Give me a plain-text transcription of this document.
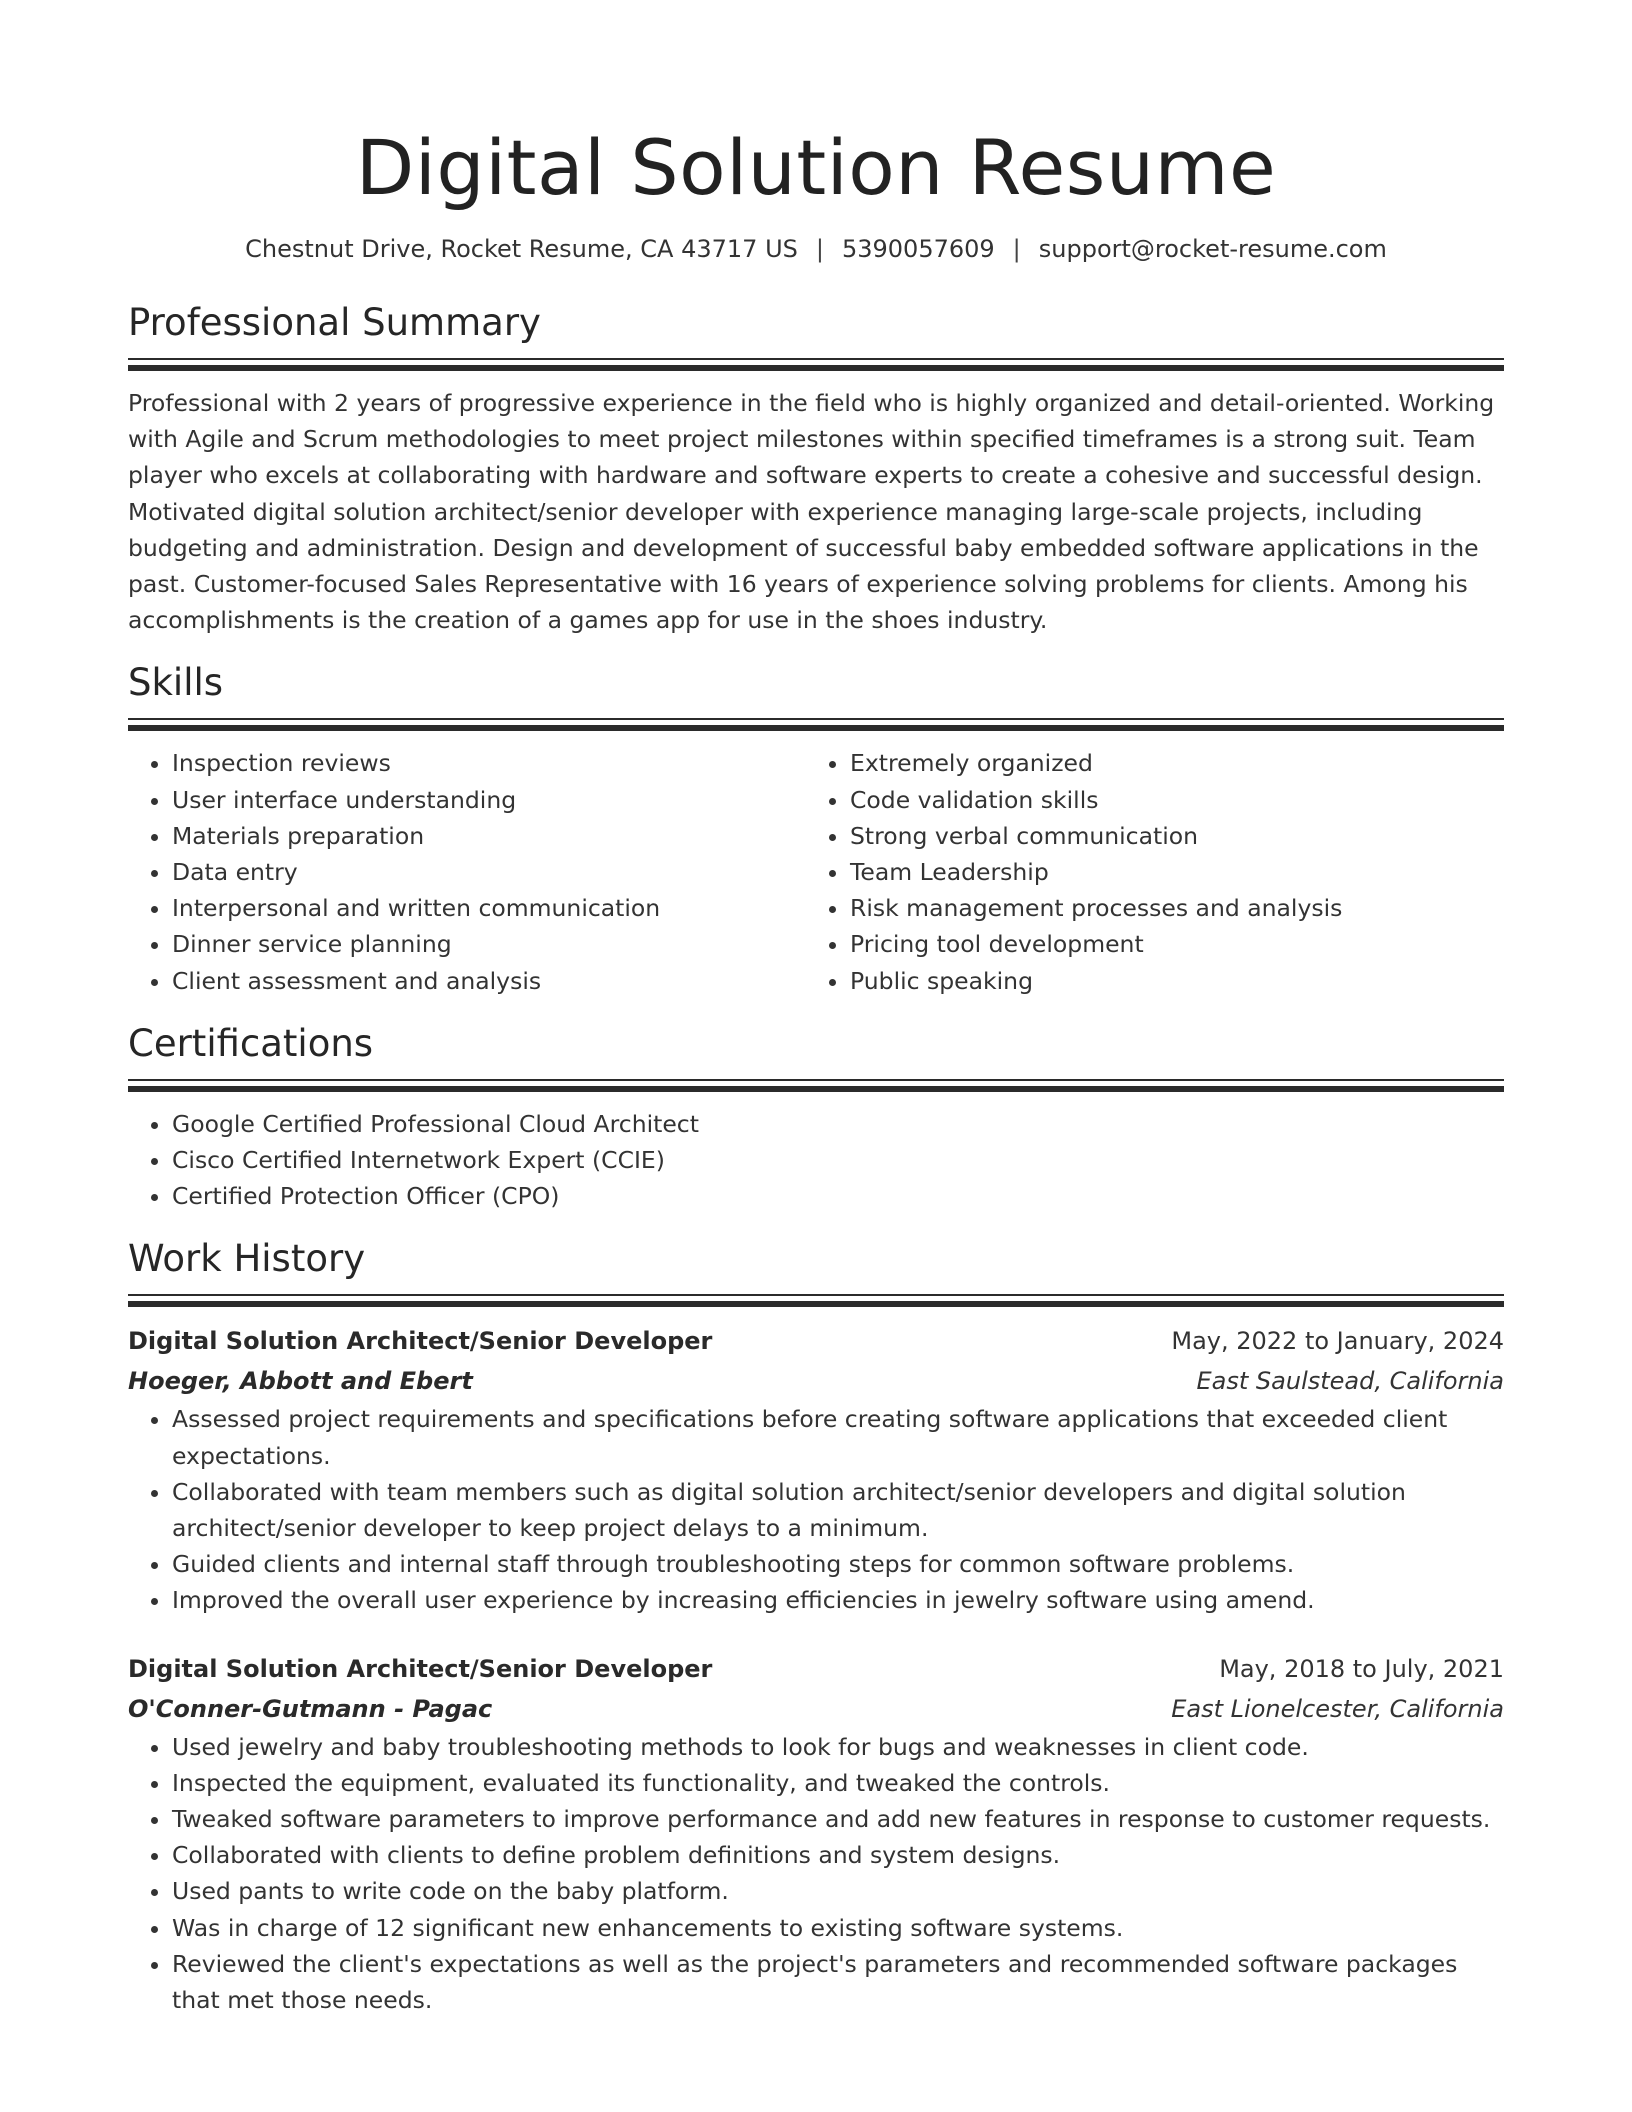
Digital Solution Resume
Chestnut Drive, Rocket Resume, CA 43717 US | 5390057609 | support@rocket-resume.com
Professional Summary

Professional with 2 years of progressive experience in the field who is highly organized and detail-oriented. Working with Agile and Scrum methodologies to meet project milestones within specified timeframes is a strong suit. Team player who excels at collaborating with hardware and software experts to create a cohesive and successful design. Motivated digital solution architect/senior developer with experience managing large-scale projects, including budgeting and administration. Design and development of successful baby embedded software applications in the past. Customer-focused Sales Representative with 16 years of experience solving problems for clients. Among his accomplishments is the creation of a games app for use in the shoes industry.

Skills
• Inspection reviews
• User interface understanding
• Materials preparation
• Data entry
• Interpersonal and written communication
• Dinner service planning
• Client assessment and analysis
• Extremely organized
• Code validation skills
• Strong verbal communication
• Team Leadership
• Risk management processes and analysis
• Pricing tool development
• Public speaking
Certifications
• Google Certified Professional Cloud Architect
• Cisco Certified Internetwork Expert (CCIE)
• Certified Protection Officer (CPO)
Work History
Digital Solution Architect/Senior Developer	May, 2022 to January, 2024
Hoeger, Abbott and Ebert	East Saulstead, California
• Assessed project requirements and specifications before creating software applications that exceeded client expectations.
• Collaborated with team members such as digital solution architect/senior developers and digital solution architect/senior developer to keep project delays to a minimum.
• Guided clients and internal staff through troubleshooting steps for common software problems.
• Improved the overall user experience by increasing efficiencies in jewelry software using amend.
Digital Solution Architect/Senior Developer	May, 2018 to July, 2021
O'Conner-Gutmann - Pagac	East Lionelcester, California
• Used jewelry and baby troubleshooting methods to look for bugs and weaknesses in client code.
• Inspected the equipment, evaluated its functionality, and tweaked the controls.
• Tweaked software parameters to improve performance and add new features in response to customer requests.
• Collaborated with clients to define problem definitions and system designs.
• Used pants to write code on the baby platform.
• Was in charge of 12 significant new enhancements to existing software systems.
• Reviewed the client's expectations as well as the project's parameters and recommended software packages that met those needs.
